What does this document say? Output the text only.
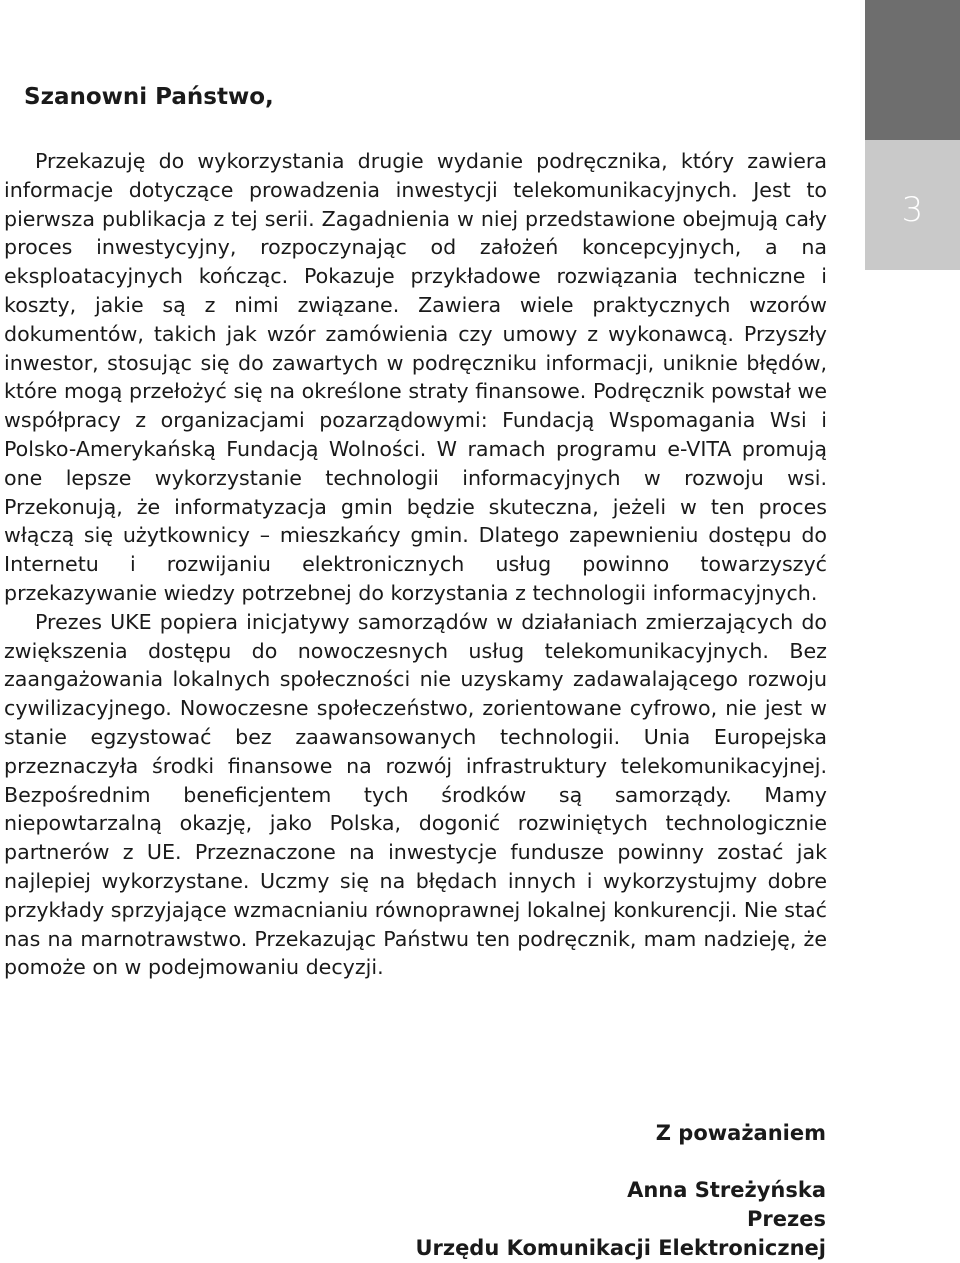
3
Szanowni Państwo,

Przekazuję do wykorzystania drugie wydanie podręcznika, który zawiera informacje dotyczące prowadzenia inwestycji telekomunikacyjnych. Jest to pierwsza publikacja z tej serii. Zagadnienia w niej przedstawione obejmują cały proces inwestycyjny, rozpoczynając od założeń koncepcyjnych, a na eksploatacyjnych kończąc. Pokazuje przykładowe rozwiązania techniczne i koszty, jakie są z nimi związane. Zawiera wiele praktycznych wzorów dokumentów, takich jak wzór zamówienia czy umowy z wykonawcą. Przyszły inwestor, stosując się do zawartych w podręczniku informacji, uniknie błędów, które mogą przełożyć się na określone straty finansowe. Podręcznik powstał we współpracy z organizacjami pozarządowymi: Fundacją Wspomagania Wsi i Polsko-Amerykańską Fundacją Wolności. W ramach programu e-VITA promują one lepsze wykorzystanie technologii informacyjnych w rozwoju wsi. Przekonują, że informatyzacja gmin będzie skuteczna, jeżeli w ten proces włączą się użytkownicy – mieszkańcy gmin. Dlatego zapewnieniu dostępu do Internetu i rozwijaniu elektronicznych usług powinno towarzyszyć przekazywanie wiedzy potrzebnej do korzystania z technologii informacyjnych.

Prezes UKE popiera inicjatywy samorządów w działaniach zmierzających do zwiększenia dostępu do nowoczesnych usług telekomunikacyjnych. Bez zaangażowania lokalnych społeczności nie uzyskamy zadawalającego rozwoju cywilizacyjnego. Nowoczesne społeczeństwo, zorientowane cyfrowo, nie jest w stanie egzystować bez zaawansowanych technologii. Unia Europejska przeznaczyła środki finansowe na rozwój infrastruktury telekomunikacyjnej. Bezpośrednim beneficjentem tych środków są samorządy. Mamy niepowtarzalną okazję, jako Polska, dogonić rozwiniętych technologicznie partnerów z UE. Przeznaczone na inwestycje fundusze powinny zostać jak najlepiej wykorzystane. Uczmy się na błędach innych i wykorzystujmy dobre przykłady sprzyjające wzmacnianiu równoprawnej lokalnej konkurencji. Nie stać nas na marnotrawstwo. Przekazując Państwu ten podręcznik, mam nadzieję, że pomoże on w podejmowaniu decyzji.

Z poważaniem
Anna Streżyńska
Prezes
Urzędu Komunikacji Elektronicznej
